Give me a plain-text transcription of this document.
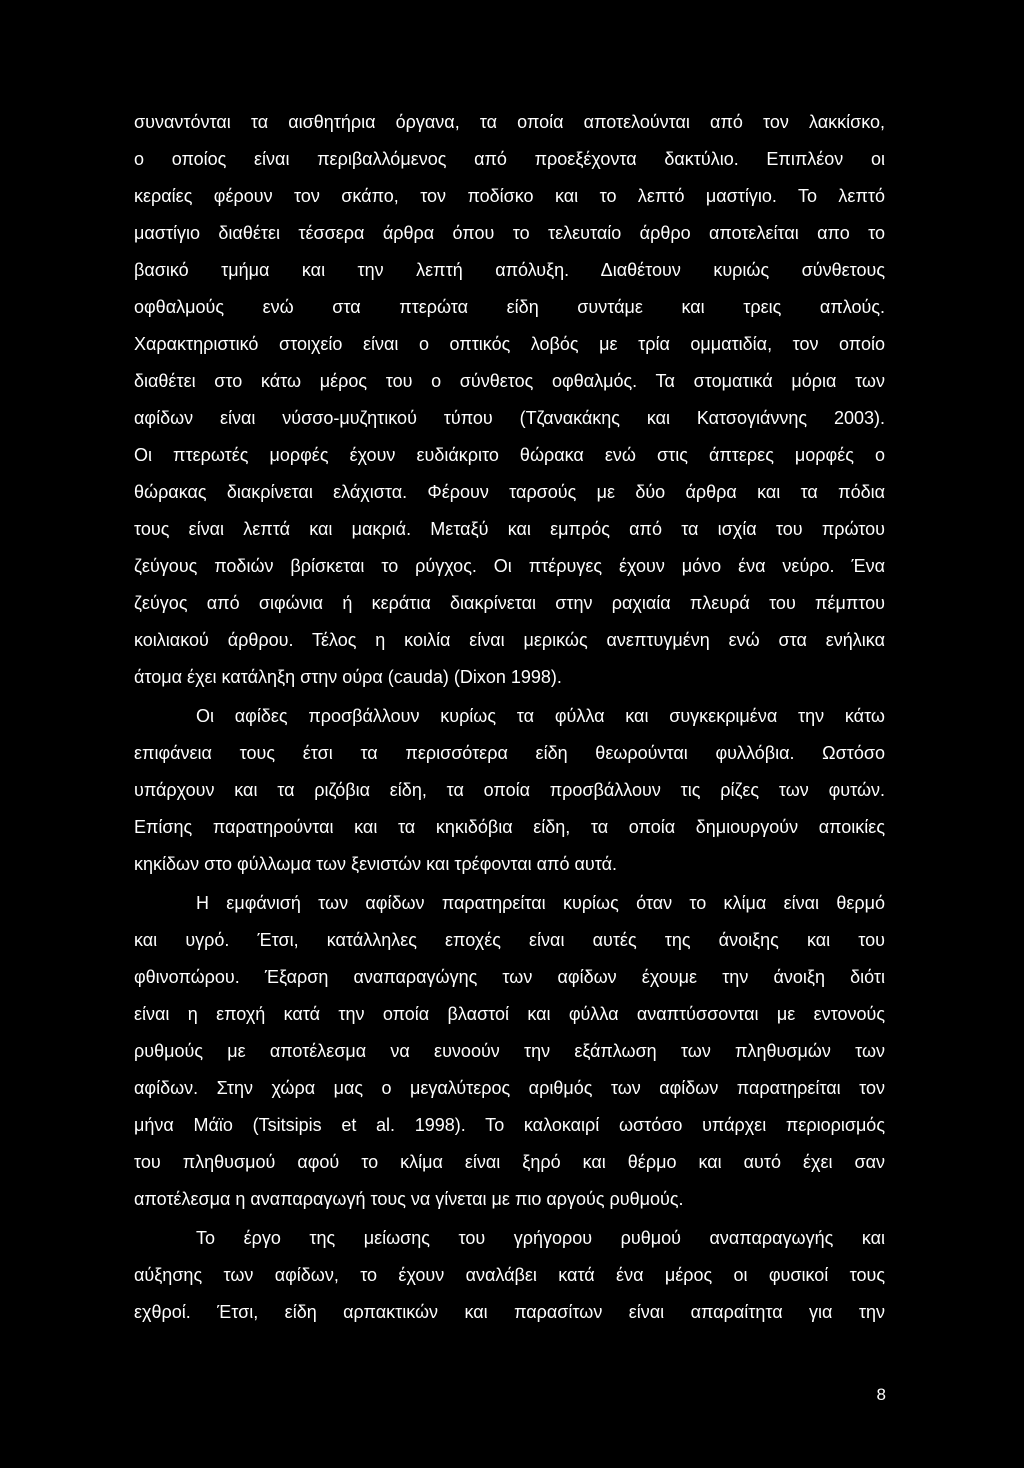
συναντόνται τα αισθητήρια όργανα, τα οποία αποτελούνται από τον λακκίσκο,
ο οποίος είναι περιβαλλόμενος από προεξέχοντα δακτύλιο. Επιπλέον οι
κεραίες φέρουν τον σκάπο, τον ποδίσκο και το λεπτό μαστίγιο. Το λεπτό
μαστίγιο διαθέτει τέσσερα άρθρα όπου το τελευταίο άρθρο αποτελείται απο το
βασικό τμήμα και την λεπτή απόλυξη. Διαθέτουν κυριώς σύνθετους
οφθαλμούς ενώ στα πτερώτα είδη συντάμε και τρεις απλούς.
Χαρακτηριστικό στοιχείο είναι ο οπτικός λοβός με τρία ομματιδία, τον οποίο
διαθέτει στο κάτω μέρος του ο σύνθετος οφθαλμός. Τα στοματικά μόρια των
αφίδων είναι νύσσο-μυζητικού τύπου (Τζανακάκης και Κατσογιάννης 2003).
Οι πτερωτές μορφές έχουν ευδιάκριτο θώρακα ενώ στις άπτερες μορφές ο
θώρακας διακρίνεται ελάχιστα. Φέρουν ταρσούς με δύο άρθρα και τα πόδια
τους είναι λεπτά και μακριά. Μεταξύ και εμπρός από τα ισχία του πρώτου
ζεύγους ποδιών βρίσκεται το ρύγχος. Οι πτέρυγες έχουν μόνο ένα νεύρο. Ένα
ζεύγος από σιφώνια ή κεράτια διακρίνεται στην ραχιαία πλευρά του πέμπτου
κοιλιακού άρθρου. Τέλος η κοιλία είναι μερικώς ανεπτυγμένη ενώ στα ενήλικα
άτομα έχει κατάληξη στην ούρα (cauda) (Dixon 1998).
Οι αφίδες προσβάλλουν κυρίως τα φύλλα και συγκεκριμένα την κάτω
επιφάνεια τους έτσι τα περισσότερα είδη θεωρούνται φυλλόβια. Ωστόσο
υπάρχουν και τα ριζόβια είδη, τα οποία προσβάλλουν τις ρίζες των φυτών.
Επίσης παρατηρούνται και τα κηκιδόβια είδη, τα οποία δημιουργούν αποικίες
κηκίδων στο φύλλωμα των ξενιστών και τρέφονται από αυτά.
Η εμφάνισή των αφίδων παρατηρείται κυρίως όταν το κλίμα είναι θερμό
και υγρό. Έτσι, κατάλληλες εποχές είναι αυτές της άνοιξης και του
φθινοπώρου. Έξαρση αναπαραγώγης των αφίδων έχουμε την άνοιξη διότι
είναι η εποχή κατά την οποία βλαστοί και φύλλα αναπτύσσονται με εντονούς
ρυθμούς με αποτέλεσμα να ευνοούν την εξάπλωση των πληθυσμών των
αφίδων. Στην χώρα μας ο μεγαλύτερος αριθμός των αφίδων παρατηρείται τον
μήνα Μάϊο (Tsitsipis et al. 1998). Το καλοκαιρί ωστόσο υπάρχει περιορισμός
του πληθυσμού αφού το κλίμα είναι ξηρό και θέρμο και αυτό έχει σαν
αποτέλεσμα η αναπαραγωγή τους να γίνεται με πιο αργούς ρυθμούς.
Το έργο της μείωσης του γρήγορου ρυθμού αναπαραγωγής και
αύξησης των αφίδων, το έχουν αναλάβει κατά ένα μέρος οι φυσικοί τους
εχθροί. Έτσι, είδη αρπακτικών και παρασίτων είναι απαραίτητα για την
8
